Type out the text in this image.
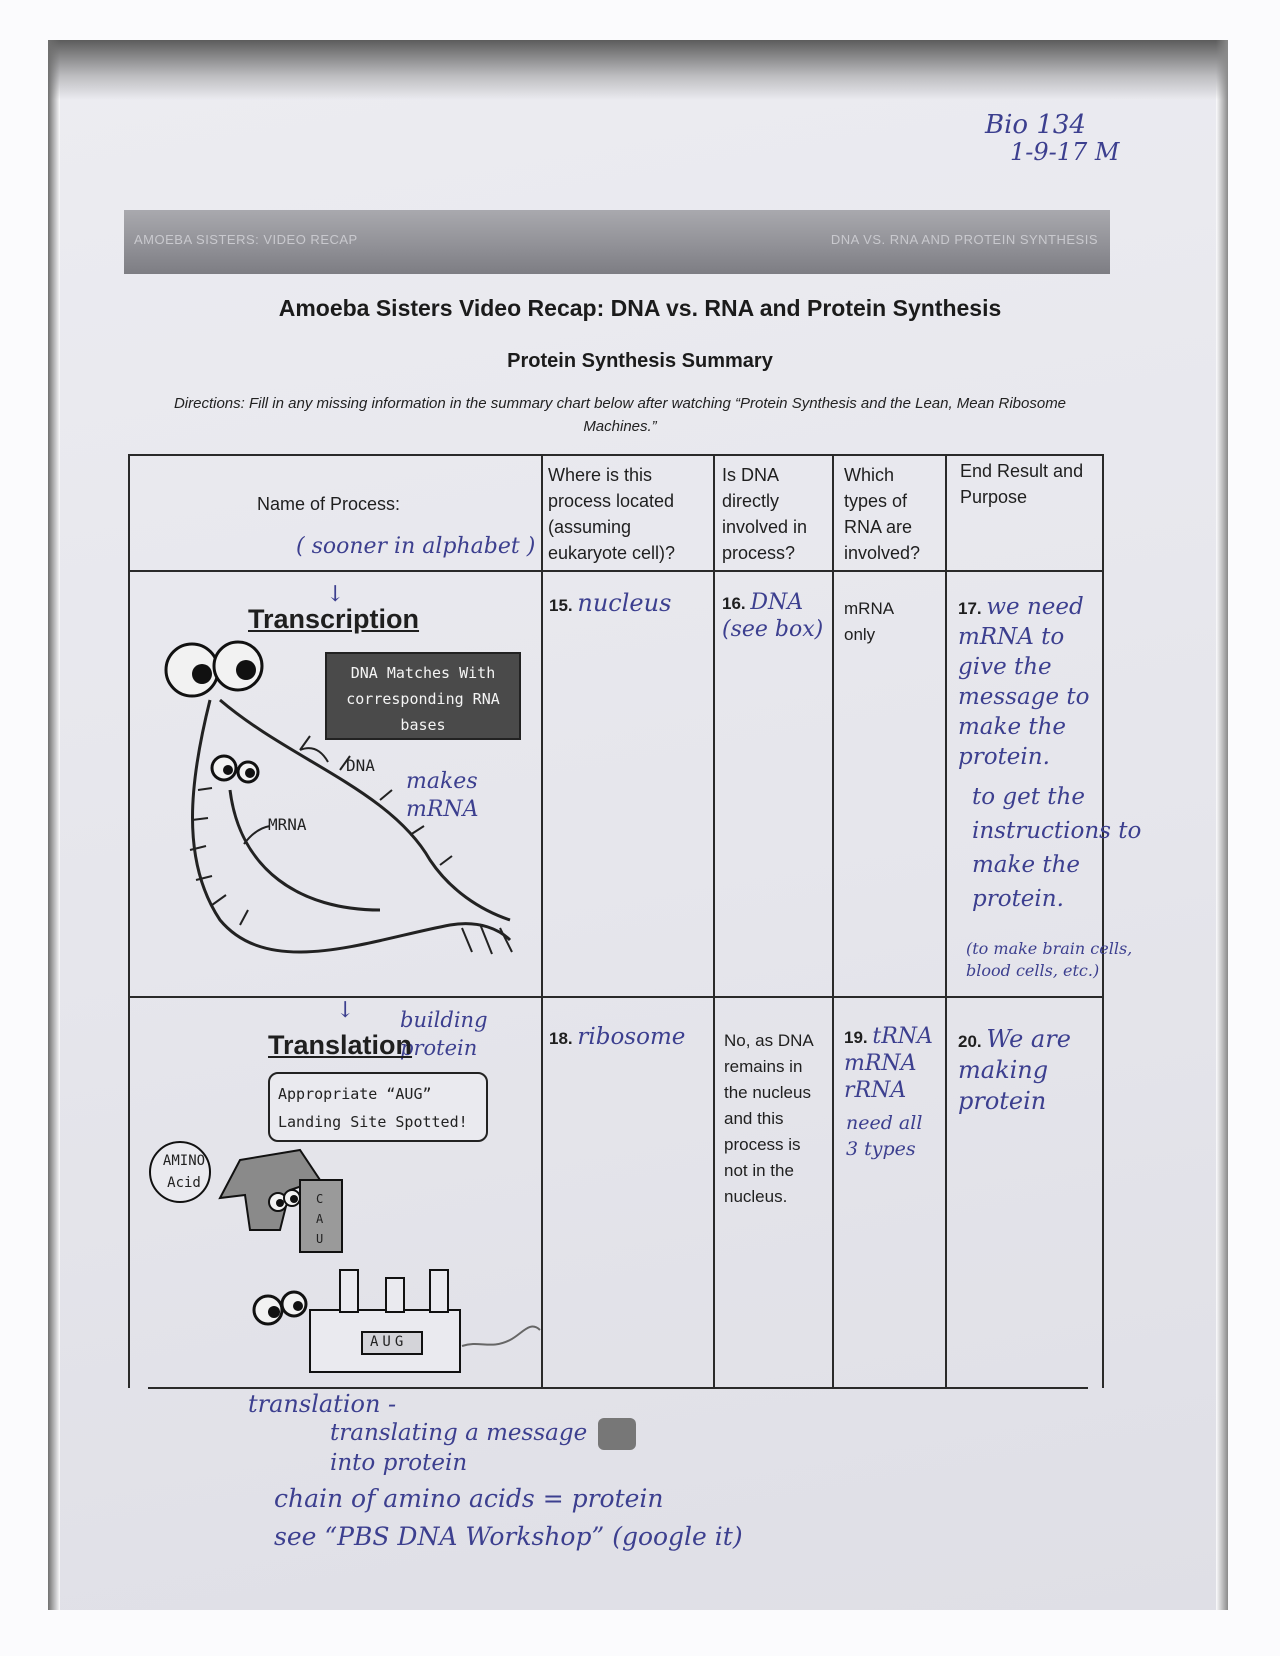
Bio 134
1-9-17 M
AMOEBA SISTERS: VIDEO RECAP	DNA VS. RNA AND PROTEIN SYNTHESIS
Amoeba Sisters Video Recap: DNA vs. RNA and Protein Synthesis
Protein Synthesis Summary
Directions: Fill in any missing information in the summary chart below after watching “Protein Synthesis and the Lean, Mean Ribosome Machines.”
Name of Process:
( sooner in alphabet )
Where is this process located (assuming eukaryote cell)?
Is DNA directly involved in process?
Which types of RNA are involved?
End Result and Purpose
↓
Transcription
DNA Matches With corresponding RNA bases
DNA
MRNA
makes mRNA
15. nucleus	16. DNA (see box)
mRNA only
17. we need mRNA to give the message to make the protein.
to get the instructions to make the protein.
(to make brain cells, blood cells, etc.)
↓ building protein
Translation
Appropriate “AUG” Landing Site Spotted!
AMINO Acid
U
A
C
AUG
18. ribosome No, as DNA remains in the nucleus and this process is not in the nucleus.
19. tRNA mRNA rRNA
need all 3 types
20. We are making protein
translation -
translating a message into protein
chain of amino acids = protein
see “PBS DNA Workshop” (google it)
